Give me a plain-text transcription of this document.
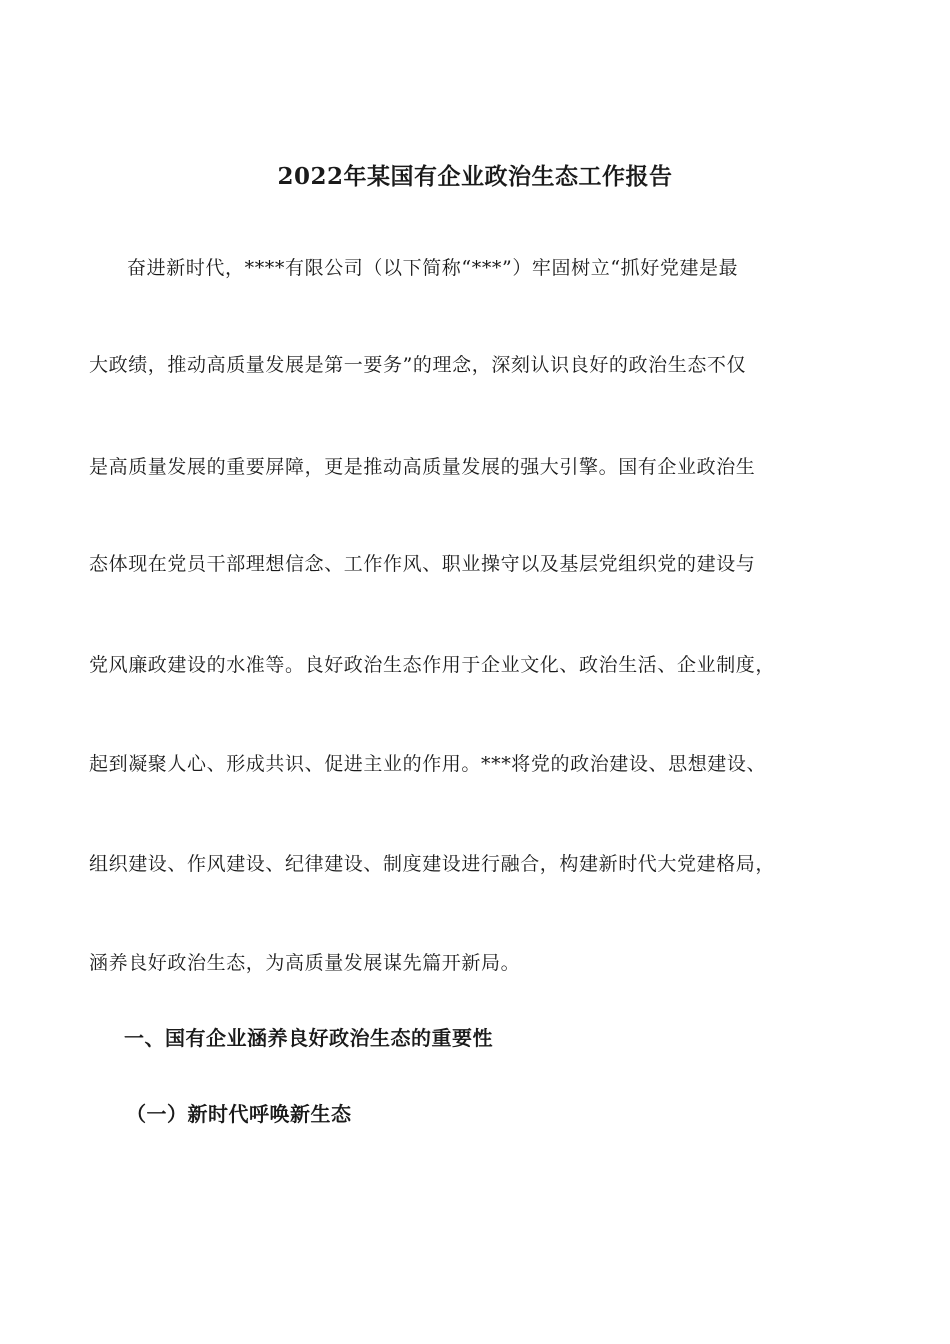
2022年某国有企业政治生态工作报告
奋进新时代，****有限公司（以下简称“***”）牢固树立“抓好党建是最
大政绩，推动高质量发展是第一要务”的理念，深刻认识良好的政治生态不仅
是高质量发展的重要屏障，更是推动高质量发展的强大引擎。国有企业政治生
态体现在党员干部理想信念、工作作风、职业操守以及基层党组织党的建设与
党风廉政建设的水准等。良好政治生态作用于企业文化、政治生活、企业制度，
起到凝聚人心、形成共识、促进主业的作用。***将党的政治建设、思想建设、
组织建设、作风建设、纪律建设、制度建设进行融合，构建新时代大党建格局，
涵养良好政治生态，为高质量发展谋先篇开新局。
一、国有企业涵养良好政治生态的重要性
（一）新时代呼唤新生态
